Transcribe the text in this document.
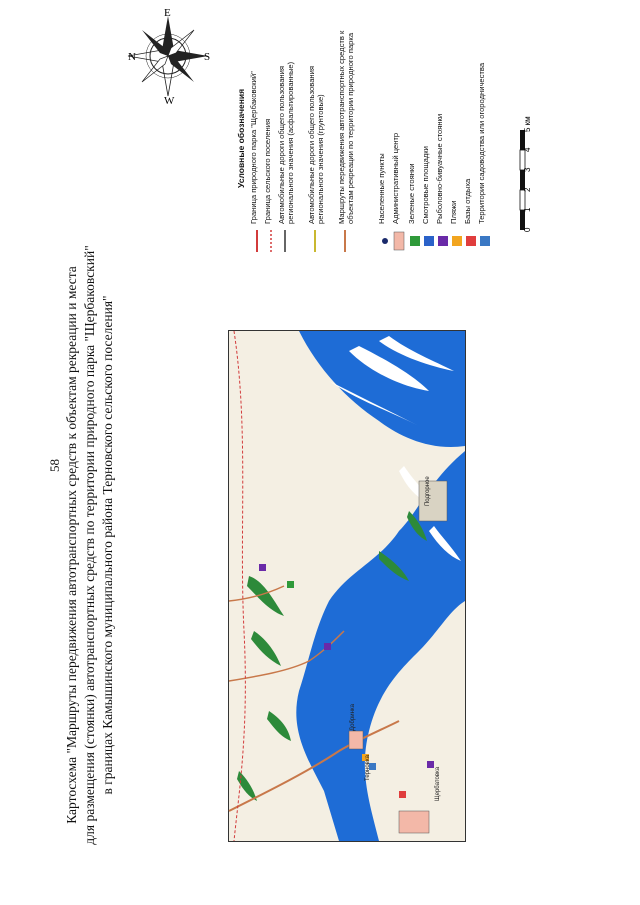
58 Картосхема "Маршруты передвижения автотранспортных средств к объектам рекреации и места для размещения (стоянки) автотранспортных средств по территории природного парка "Щербаковский" в границах Камышинского муниципального района Терновского сельского поселения"
N	S
E
W	Условные обозначения Граница природного парка "Щербаковский" Граница сельского поселения Автомобильные дороги общего пользования регионального значения (асфальтированные) Автомобильные дороги общего пользования регионального значения (грунтовые) Маршруты передвижения автотранспортных средств к объектам рекреации по территории природного парка	Населенные пункты Административный центр Зеленые стоянки Смотровые площадки Рыболовно-бивуачные стоянки Пляжи Базы отдыха Территории садоводства или огородничества
0
1
2
3
4
5 км
Щербатовка
Терновка
Добринка
Подгорное
